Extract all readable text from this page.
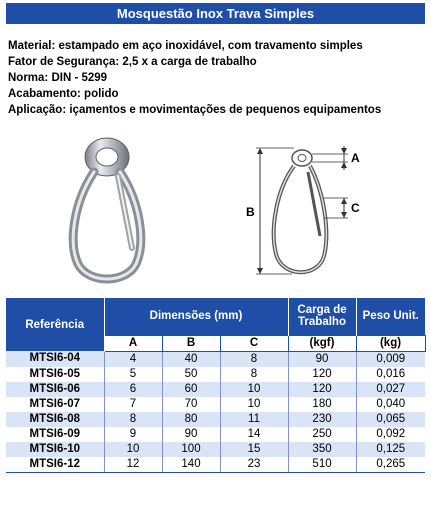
Mosquestão Inox Trava Simples
Material: estampado em aço inoxidável, com travamento simples
Fator de Segurança: 2,5 x a carga de trabalho
Norma: DIN - 5299
Acabamento: polido
Aplicação: içamentos e movimentações de pequenos equipamentos
A
B	C
Referência	Dimensões (mm)			Carga de Trabalho	Peso Unit.
	A	B	C	(kgf)	(kg)
MTSI6-04	4	40	8	90	0,009
MTSI6-05	5	50	8	120	0,016
MTSI6-06	6	60	10	120	0,027
MTSI6-07	7	70	10	180	0,040
MTSI6-08	8	80	11	230	0,065
MTSI6-09	9	90	14	250	0,092
MTSI6-10	10	100	15	350	0,125
MTSI6-12	12	140	23	510	0,265
